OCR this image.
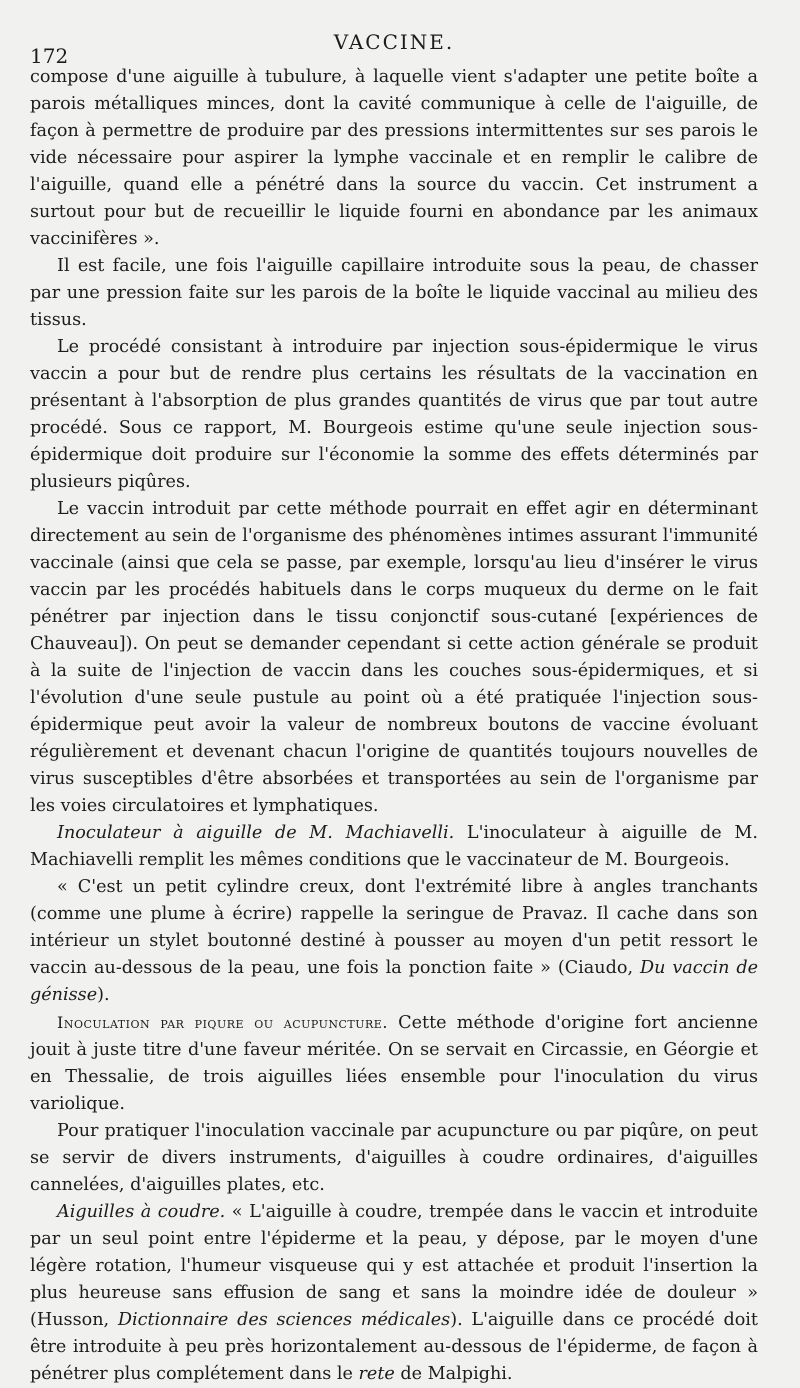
172
VACCINE.

compose d'une aiguille à tubulure, à laquelle vient s'adapter une petite boîte a parois métalliques minces, dont la cavité communique à celle de l'aiguille, de façon à permettre de produire par des pressions intermittentes sur ses parois le vide nécessaire pour aspirer la lymphe vaccinale et en remplir le calibre de l'aiguille, quand elle a pénétré dans la source du vaccin. Cet instrument a surtout pour but de recueillir le liquide fourni en abondance par les animaux vaccinifères ».

Il est facile, une fois l'aiguille capillaire introduite sous la peau, de chasser par une pression faite sur les parois de la boîte le liquide vaccinal au milieu des tissus.

Le procédé consistant à introduire par injection sous-épidermique le virus vaccin a pour but de rendre plus certains les résultats de la vaccination en présentant à l'absorption de plus grandes quantités de virus que par tout autre procédé. Sous ce rapport, M. Bourgeois estime qu'une seule injection sous-épidermique doit produire sur l'économie la somme des effets déterminés par plusieurs piqûres.

Le vaccin introduit par cette méthode pourrait en effet agir en déterminant directement au sein de l'organisme des phénomènes intimes assurant l'immunité vaccinale (ainsi que cela se passe, par exemple, lorsqu'au lieu d'insérer le virus vaccin par les procédés habituels dans le corps muqueux du derme on le fait pénétrer par injection dans le tissu conjonctif sous-cutané [expériences de Chauveau]). On peut se demander cependant si cette action générale se produit à la suite de l'injection de vaccin dans les couches sous-épidermiques, et si l'évolution d'une seule pustule au point où a été pratiquée l'injection sous-épidermique peut avoir la valeur de nombreux boutons de vaccine évoluant régulièrement et devenant chacun l'origine de quantités toujours nouvelles de virus susceptibles d'être absorbées et transportées au sein de l'organisme par les voies circulatoires et lymphatiques.

Inoculateur à aiguille de M. Machiavelli. L'inoculateur à aiguille de M. Machiavelli remplit les mêmes conditions que le vaccinateur de M. Bourgeois.

« C'est un petit cylindre creux, dont l'extrémité libre à angles tranchants (comme une plume à écrire) rappelle la seringue de Pravaz. Il cache dans son intérieur un stylet boutonné destiné à pousser au moyen d'un petit ressort le vaccin au-dessous de la peau, une fois la ponction faite » (Ciaudo, Du vaccin de génisse).

Inoculation par piqure ou acupuncture. Cette méthode d'origine fort ancienne jouit à juste titre d'une faveur méritée. On se servait en Circassie, en Géorgie et en Thessalie, de trois aiguilles liées ensemble pour l'inoculation du virus variolique.

Pour pratiquer l'inoculation vaccinale par acupuncture ou par piqûre, on peut se servir de divers instruments, d'aiguilles à coudre ordinaires, d'aiguilles cannelées, d'aiguilles plates, etc.

Aiguilles à coudre. « L'aiguille à coudre, trempée dans le vaccin et introduite par un seul point entre l'épiderme et la peau, y dépose, par le moyen d'une légère rotation, l'humeur visqueuse qui y est attachée et produit l'insertion la plus heureuse sans effusion de sang et sans la moindre idée de douleur » (Husson, Dictionnaire des sciences médicales). L'aiguille dans ce procédé doit être introduite à peu près horizontalement au-dessous de l'épiderme, de façon à pénétrer plus complétement dans le rete de Malpighi.
